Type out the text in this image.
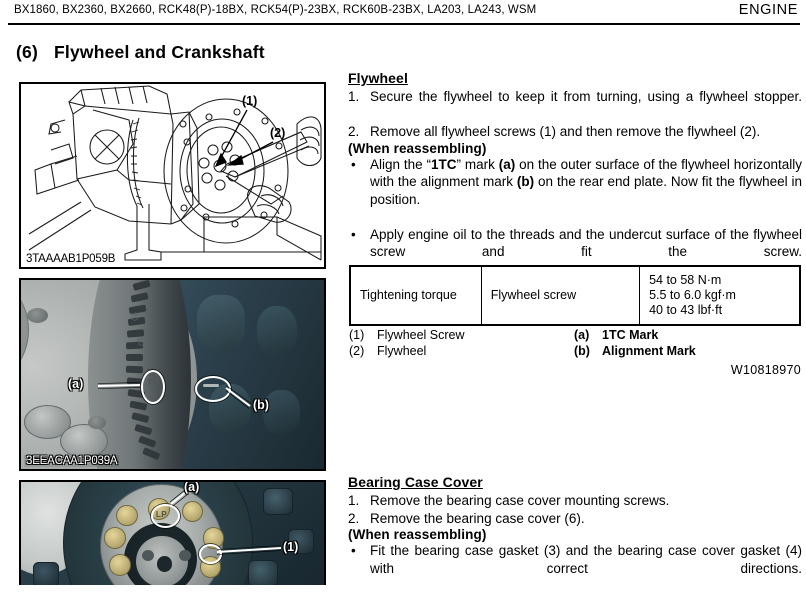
BX1860, BX2360, BX2660, RCK48(P)-18BX, RCK54(P)-23BX, RCK60B-23BX, LA203, LA243, WSM	ENGINE
(6) Flywheel and Crankshaft
(1)
(2)
3TAAAAB1P059B
20
10
1TC
(a)
(b)
3EEACAA1P039A
LP
(a)
(1)
Flywheel
1. Secure the flywheel to keep it from turning, using a flywheel stopper.
2. Remove all flywheel screws (1) and then remove the flywheel (2).
(When reassembling)
•	Align the “1TC” mark (a) on the outer surface of the flywheel horizontally with the alignment mark (b) on the rear end plate. Now fit the flywheel in position.
•	Apply engine oil to the threads and the undercut surface of the flywheel screw and fit the screw.
Tightening torque	Flywheel screw	
54 to 58 N·m
5.5 to 6.0 kgf·m
40 to 43 lbf·ft
(1) Flywheel Screw
(2) Flywheel
(a) 1TC Mark
(b) Alignment Mark
W10818970
Bearing Case Cover
1. Remove the bearing case cover mounting screws.
2. Remove the bearing case cover (6).
(When reassembling)
•	Fit the bearing case gasket (3) and the bearing case cover gasket (4) with correct directions.
